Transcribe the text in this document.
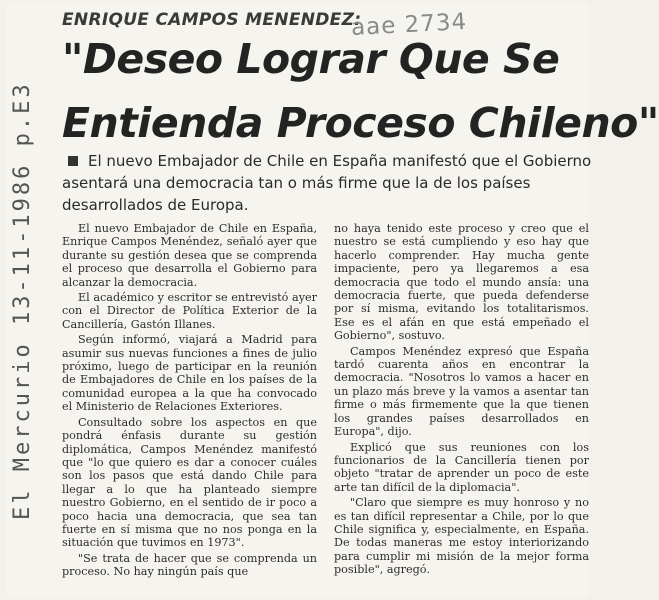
ENRIQUE CAMPOS MENENDEZ:
aae 2734
"Deseo Lograr Que Se
Entienda Proceso Chileno"
El nuevo Embajador de Chile en España manifestó que el Gobierno asentará una democracia tan o más firme que la de los países desarrollados de Europa.

El nuevo Embajador de Chile en España, Enrique Campos Menéndez, señaló ayer que durante su gestión desea que se comprenda el proceso que desarrolla el Gobierno para alcanzar la democracia.

El académico y escritor se entrevistó ayer con el Director de Política Exterior de la Cancillería, Gastón Illanes.

Según informó, viajará a Madrid para asumir sus nuevas funciones a fines de julio próximo, luego de participar en la reunión de Embajadores de Chile en los países de la comunidad europea a la que ha convocado el Ministerio de Relaciones Exteriores.

Consultado sobre los aspectos en que pondrá énfasis durante su gestión diplomática, Campos Menéndez manifestó que "lo que quiero es dar a conocer cuáles son los pasos que está dando Chile para llegar a lo que ha planteado siempre nuestro Gobierno, en el sentido de ir poco a poco hacia una democracia, que sea tan fuerte en sí misma que no nos ponga en la situación que tuvimos en 1973".

"Se trata de hacer que se comprenda un proceso. No hay ningún país que

no haya tenido este proceso y creo que el nuestro se está cumpliendo y eso hay que hacerlo comprender. Hay mucha gente impaciente, pero ya llegaremos a esa democracia que todo el mundo ansía: una democracia fuerte, que pueda defenderse por sí misma, evitando los totalitarismos. Ese es el afán en que está empeñado el Gobierno", sostuvo.

Campos Menéndez expresó que España tardó cuarenta años en encontrar la democracia. "Nosotros lo vamos a hacer en un plazo más breve y la vamos a asentar tan firme o más firmemente que la que tienen los grandes países desarrollados en Europa", dijo.

Explicó que sus reuniones con los funcionarios de la Cancillería tienen por objeto "tratar de aprender un poco de este arte tan difícil de la diplomacia".

"Claro que siempre es muy honroso y no es tan difícil representar a Chile, por lo que Chile significa y, especialmente, en España. De todas maneras me estoy interiorizando para cumplir mi misión de la mejor forma posible", agregó.

El Mercurio 13-11-1986 p.E3
